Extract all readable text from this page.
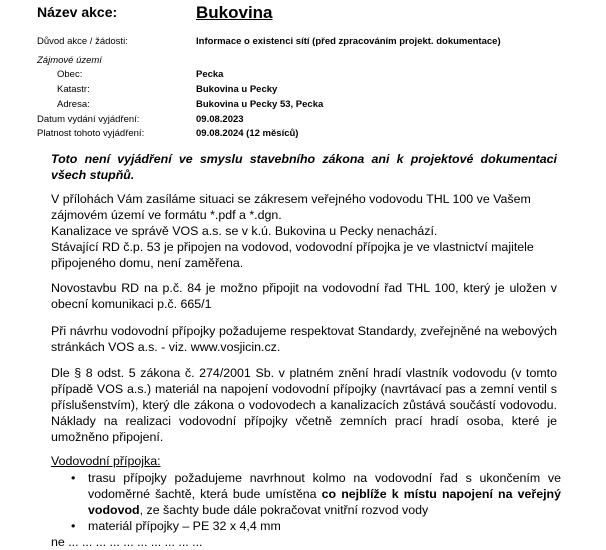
Název akce:	Bukovina
Důvod akce / žádosti:	Informace o existenci sítí (před zpracováním projekt. dokumentace)
Zájmové území
Obec:	Pecka
Katastr:	Bukovina u Pecky
Adresa:	Bukovina u Pecky 53, Pecka
Datum vydání vyjádření:	09.08.2023
Platnost tohoto vyjádření:	09.08.2024 (12 měsíců)
Toto není vyjádření ve smyslu stavebního zákona ani k projektové dokumentaci všech stupňů.
V přílohách Vám zasíláme situaci se zákresem veřejného vodovodu THL 100 ve Vašem
zájmovém území ve formátu *.pdf a *.dgn.
Kanalizace ve správě VOS a.s. se v k.ú. Bukovina u Pecky nenachází.
Stávající RD č.p. 53 je připojen na vodovod, vodovodní přípojka je ve vlastnictví majitele
připojeného domu, není zaměřena.
Novostavbu RD na p.č. 84 je možno připojit na vodovodní řad THL 100, který je uložen v obecní komunikaci p.č. 665/1
Při návrhu vodovodní přípojky požadujeme respektovat Standardy, zveřejněné na webových stránkách VOS a.s. - viz. www.vosjicin.cz.
Dle § 8 odst. 5 zákona č. 274/2001 Sb. v platném znění hradí vlastník vodovodu (v tomto případě VOS a.s.) materiál na napojení vodovodní přípojky (navrtávací pas a zemní ventil s příslušenstvím), který dle zákona o vodovodech a kanalizacích zůstává součástí vodovodu. Náklady na realizaci vodovodní přípojky včetně zemních prací hradí osoba, které je umožněno připojení.
Vodovodní přípojka:
• trasu přípojky požadujeme navrhnout kolmo na vodovodní řad s ukončením ve vodoměrné šachtě, která bude umístěna co nejblíže k místu napojení na veřejný vodovod, ze šachty bude dále pokračovat vnitřní rozvod vody
• materiál přípojky – PE 32 x 4,4 mm
ne ... ... ... ... ... ... ... ... ... ...
